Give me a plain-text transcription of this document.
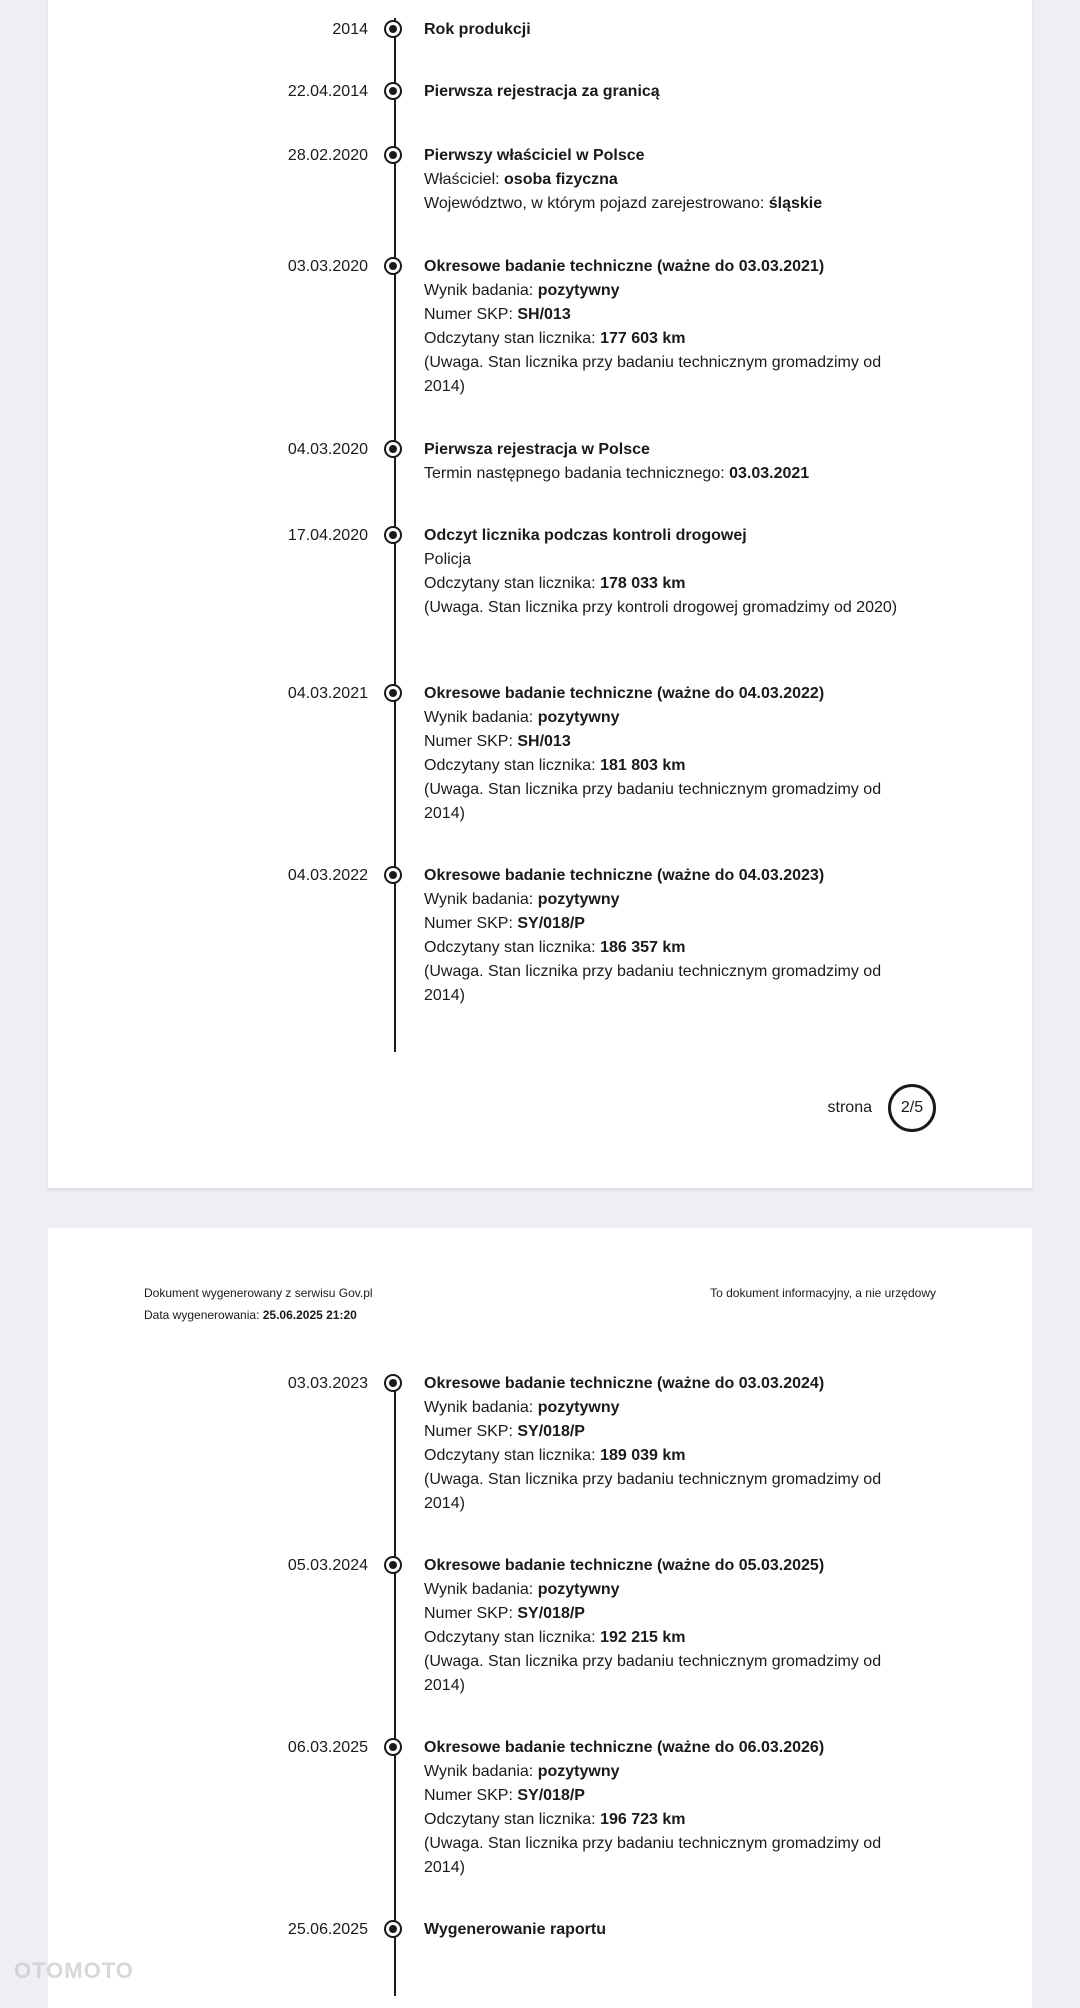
2014	Rok produkcji
22.04.2014	Pierwsza rejestracja za granicą
28.02.2020	Pierwszy właściciel w Polsce
Właściciel: osoba fizyczna
Województwo, w którym pojazd zarejestrowano: śląskie
03.03.2020	Okresowe badanie techniczne (ważne do 03.03.2021)
Wynik badania: pozytywny
Numer SKP: SH/013
Odczytany stan licznika: 177 603 km
(Uwaga. Stan licznika przy badaniu technicznym gromadzimy od 2014)
04.03.2020	Pierwsza rejestracja w Polsce
Termin następnego badania technicznego: 03.03.2021
17.04.2020	Odczyt licznika podczas kontroli drogowej
Policja
Odczytany stan licznika: 178 033 km
(Uwaga. Stan licznika przy kontroli drogowej gromadzimy od 2020)
04.03.2021	Okresowe badanie techniczne (ważne do 04.03.2022)
Wynik badania: pozytywny
Numer SKP: SH/013
Odczytany stan licznika: 181 803 km
(Uwaga. Stan licznika przy badaniu technicznym gromadzimy od 2014)
04.03.2022	Okresowe badanie techniczne (ważne do 04.03.2023)
Wynik badania: pozytywny
Numer SKP: SY/018/P
Odczytany stan licznika: 186 357 km
(Uwaga. Stan licznika przy badaniu technicznym gromadzimy od 2014)
strona	2/5
Dokument wygenerowany z serwisu Gov.pl
Data wygenerowania: 25.06.2025 21:20
To dokument informacyjny, a nie urzędowy
03.03.2023	Okresowe badanie techniczne (ważne do 03.03.2024)
Wynik badania: pozytywny
Numer SKP: SY/018/P
Odczytany stan licznika: 189 039 km
(Uwaga. Stan licznika przy badaniu technicznym gromadzimy od 2014)
05.03.2024	Okresowe badanie techniczne (ważne do 05.03.2025)
Wynik badania: pozytywny
Numer SKP: SY/018/P
Odczytany stan licznika: 192 215 km
(Uwaga. Stan licznika przy badaniu technicznym gromadzimy od 2014)
06.03.2025	Okresowe badanie techniczne (ważne do 06.03.2026)
Wynik badania: pozytywny
Numer SKP: SY/018/P
Odczytany stan licznika: 196 723 km
(Uwaga. Stan licznika przy badaniu technicznym gromadzimy od 2014)
25.06.2025	Wygenerowanie raportu
OTOMOTO
